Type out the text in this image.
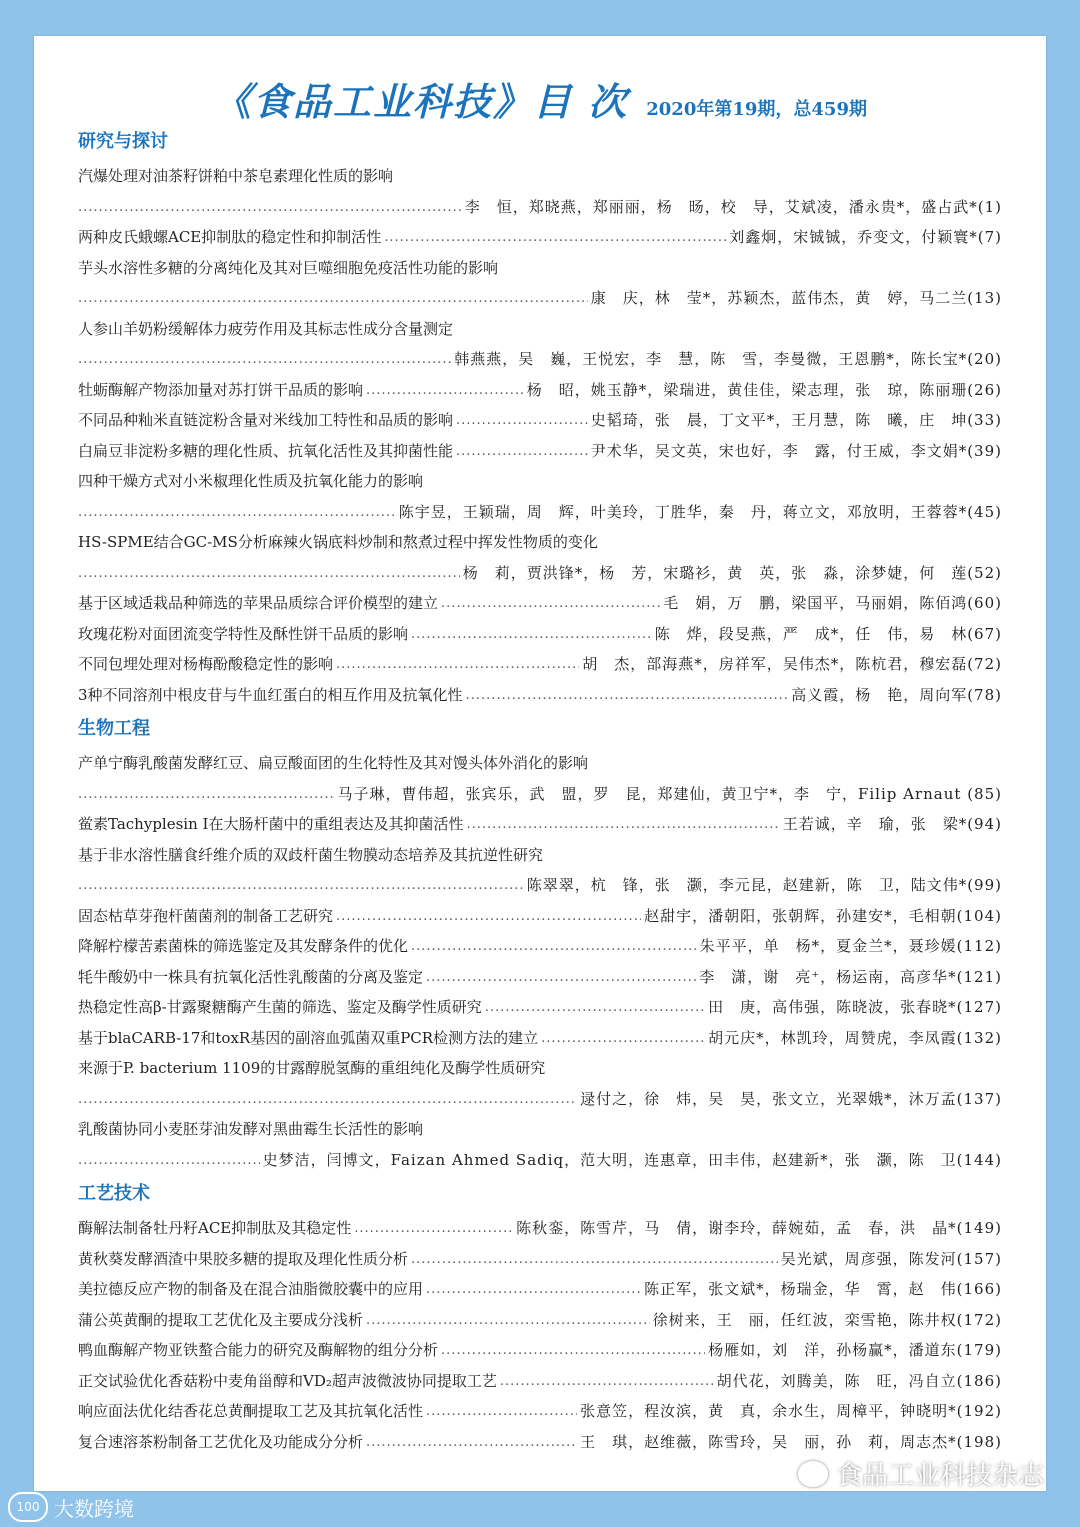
《食品工业科技》目 次 2020年第19期，总459期
研究与探讨
汽爆处理对油茶籽饼粕中茶皂素理化性质的影响
.....
李　恒，郑晓燕，郑丽丽，杨　旸，校　导，艾斌凌，潘永贵*，盛占武*(1)
两种皮氏蛾螺ACE抑制肽的稳定性和抑制活性 .....	刘鑫炯，宋铖铖，乔变文，付颖寰*(7)
芋头水溶性多糖的分离纯化及其对巨噬细胞免疫活性功能的影响
.....
康　庆，林　莹*，苏颖杰，蓝伟杰，黄　婷，马二兰(13)
人参山羊奶粉缓解体力疲劳作用及其标志性成分含量测定
.....
韩燕燕，吴　巍，王悦宏，李　慧，陈　雪，李曼微，王恩鹏*，陈长宝*(20)
牡蛎酶解产物添加量对苏打饼干品质的影响 .....	杨　昭，姚玉静*，梁瑞进，黄佳佳，梁志理，张　琼，陈丽珊(26)
不同品种籼米直链淀粉含量对米线加工特性和品质的影响 .....	史韬琦，张　晨，丁文平*，王月慧，陈　曦，庄　坤(33)
白扁豆非淀粉多糖的理化性质、抗氧化活性及其抑菌性能 .....	尹术华，吴文英，宋也好，李　露，付王威，李文娟*(39)
四种干燥方式对小米椒理化性质及抗氧化能力的影响
.....
陈宇昱，王颖瑞，周　辉，叶美玲，丁胜华，秦　丹，蒋立文，邓放明，王蓉蓉*(45)
HS-SPME结合GC-MS分析麻辣火锅底料炒制和熬煮过程中挥发性物质的变化
.....
杨　莉，贾洪锋*，杨　芳，宋璐衫，黄　英，张　淼，涂梦婕，何　莲(52)
基于区域适栽品种筛选的苹果品质综合评价模型的建立 .....	毛　娟，万　鹏，梁国平，马丽娟，陈佰鸿(60)
玫瑰花粉对面团流变学特性及酥性饼干品质的影响 .....	陈　烨，段旻燕，严　成*，任　伟，易　林(67)
不同包埋处理对杨梅酚酸稳定性的影响 .....	胡　杰，部海燕*，房祥军，吴伟杰*，陈杭君，穆宏磊(72)
3种不同溶剂中根皮苷与牛血红蛋白的相互作用及抗氧化性 .....	高义霞，杨　艳，周向军(78)
生物工程
产单宁酶乳酸菌发酵红豆、扁豆酸面团的生化特性及其对馒头体外消化的影响
.....
马子琳，曹伟超，张宾乐，武　盟，罗　昆，郑建仙，黄卫宁*，李　宁，Filip Arnaut (85)
鲎素Tachyplesin Ⅰ在大肠杆菌中的重组表达及其抑菌活性 .....	王若诚，辛　瑜，张　梁*(94)
基于非水溶性膳食纤维介质的双歧杆菌生物膜动态培养及其抗逆性研究
.....
陈翠翠，杭　锋，张　灏，李元昆，赵建新，陈　卫，陆文伟*(99)
固态枯草芽孢杆菌菌剂的制备工艺研究 .....	赵甜宇，潘朝阳，张朝辉，孙建安*，毛相朝(104)
降解柠檬苦素菌株的筛选鉴定及其发酵条件的优化 .....	朱平平，单　杨*，夏金兰*，聂珍媛(112)
牦牛酸奶中一株具有抗氧化活性乳酸菌的分离及鉴定 .....	李　潇，谢　亮⁺，杨运南，高彦华*(121)
热稳定性高β-甘露聚糖酶产生菌的筛选、鉴定及酶学性质研究 .....	田　庚，高伟强，陈晓波，张春晓*(127)
基于blaCARB-17和toxR基因的副溶血弧菌双重PCR检测方法的建立 .....	胡元庆*，林凯玲，周赞虎，李凤霞(132)
来源于P. bacterium 1109的甘露醇脱氢酶的重组纯化及酶学性质研究
.....
逯付之，徐　炜，吴　昊，张文立，光翠娥*，沐万孟(137)
乳酸菌协同小麦胚芽油发酵对黑曲霉生长活性的影响
.....
史梦洁，闫博文，Faizan Ahmed Sadiq，范大明，连惠章，田丰伟，赵建新*，张　灏，陈　卫(144)
工艺技术
酶解法制备牡丹籽ACE抑制肽及其稳定性 .....	陈秋銮，陈雪芹，马　倩，谢李玲，薛婉茹，孟　春，洪　晶*(149)
黄秋葵发酵酒渣中果胶多糖的提取及理化性质分析 .....	吴光斌，周彦强，陈发河(157)
美拉德反应产物的制备及在混合油脂微胶囊中的应用 .....	陈正军，张文斌*，杨瑞金，华　霄，赵　伟(166)
蒲公英黄酮的提取工艺优化及主要成分浅析 .....	徐树来，王　丽，任红波，栾雪艳，陈井权(172)
鸭血酶解产物亚铁螯合能力的研究及酶解物的组分分析 .....	杨雁如，刘　洋，孙杨赢*，潘道东(179)
正交试验优化香菇粉中麦角甾醇和VD₂超声波微波协同提取工艺 .....	胡代花，刘腾美，陈　旺，冯自立(186)
响应面法优化结香花总黄酮提取工艺及其抗氧化活性 .....	张意笠，程汝滨，黄　真，余水生，周樟平，钟晓明*(192)
复合速溶茶粉制备工艺优化及功能成分分析 .....	王　琪，赵维薇，陈雪玲，吴　丽，孙　莉，周志杰*(198)
100 大数跨境
食品工业科技杂志
